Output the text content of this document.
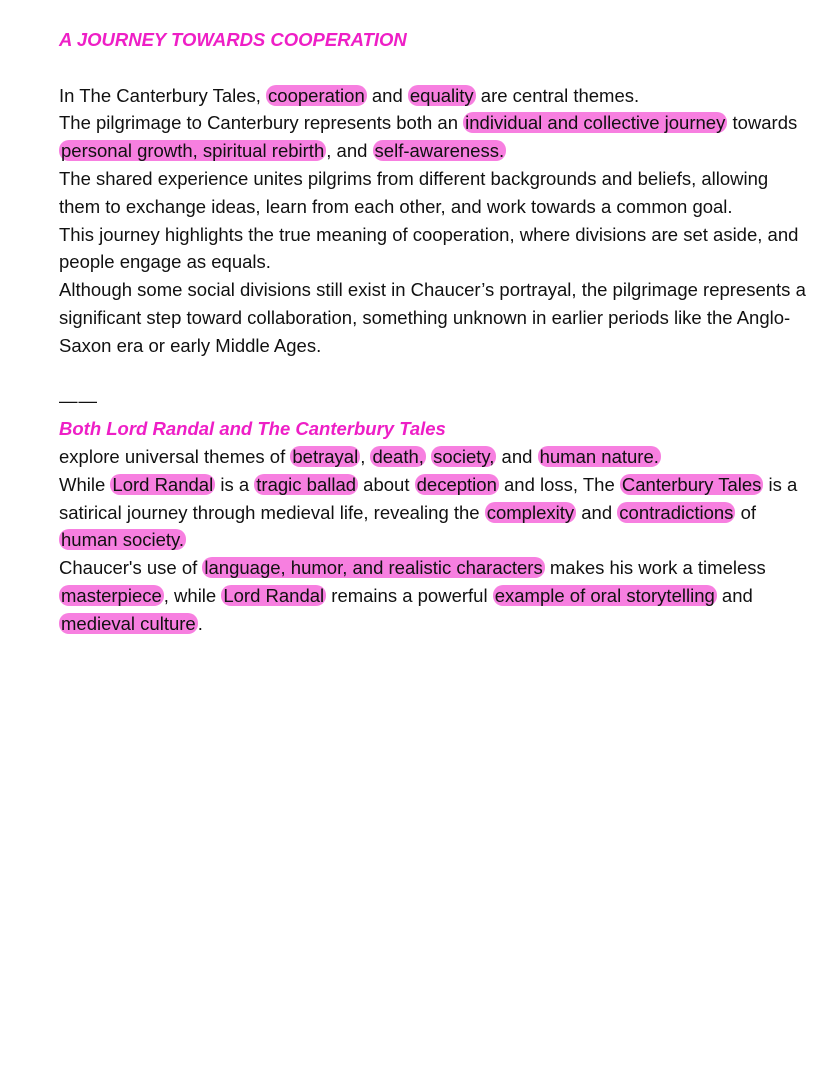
A JOURNEY TOWARDS COOPERATION

In The Canterbury Tales, cooperation and equality are central themes.

The pilgrimage to Canterbury represents both an individual and collective journey towards personal growth, spiritual rebirth , and self-awareness.

The shared experience unites pilgrims from different backgrounds and beliefs, allowing them to exchange ideas, learn from each other, and work towards a common goal.

This journey highlights the true meaning of cooperation, where divisions are set aside, and people engage as equals.

Although some social divisions still exist in Chaucer’s portrayal, the pilgrimage represents a significant step toward collaboration, something unknown in earlier periods like the Anglo-Saxon era or early Middle Ages.

——

Both Lord Randal and The Canterbury Tales

explore universal themes of betrayal , death, society, and human nature.

While Lord Randal is a tragic ballad about deception and loss, The Canterbury Tales is a satirical journey through medieval life, revealing the complexity and contradictions of human society.

Chaucer's use of language, humor, and realistic characters makes his work a timeless masterpiece , while Lord Randal remains a powerful example of oral storytelling and medieval culture .
